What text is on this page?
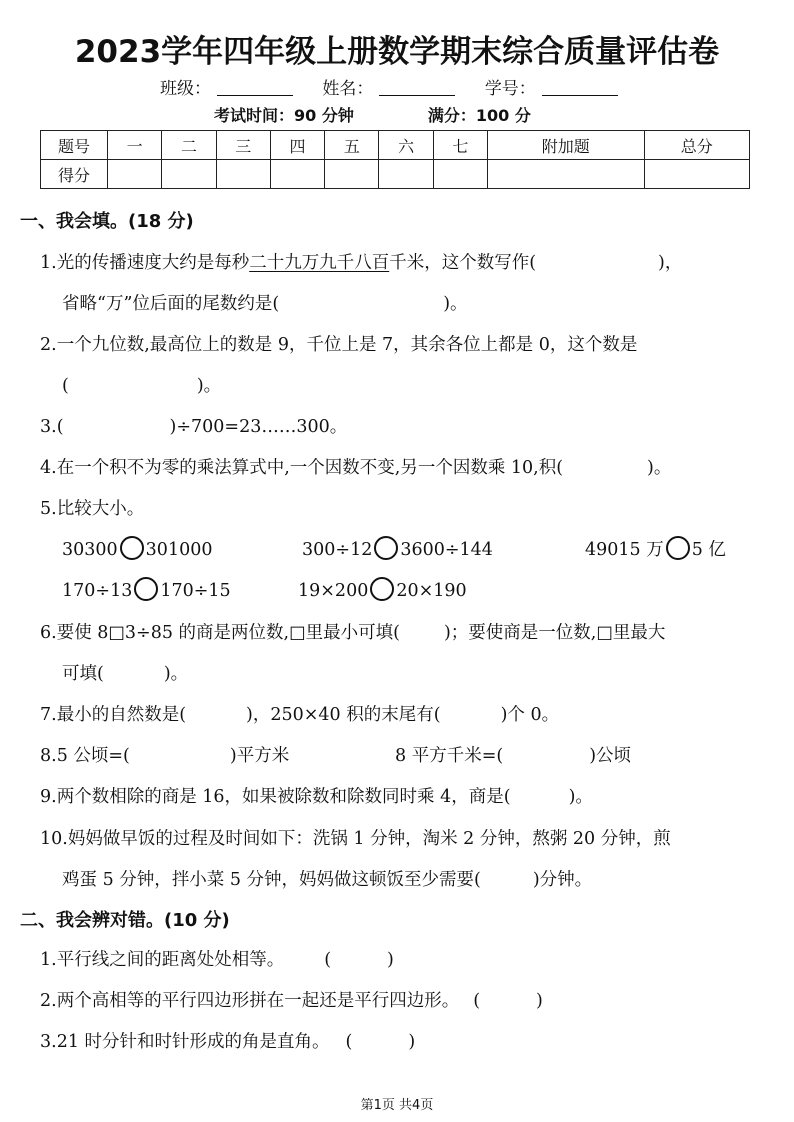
2023学年四年级上册数学期末综合质量评估卷
班级：	姓名：	学号：
考试时间：90 分钟	满分：100 分
题号	一	二	三	四	五	六	七	附加题	总分
得分									
一、我会填。(18 分)
1.光的传播速度大约是每秒二十九万九千八百千米，这个数写作(	)，
省略“万”位后面的尾数约是(	)。
2.一个九位数,最高位上的数是 9，千位上是 7，其余各位上都是 0，这个数是
(	)。
3.(	)÷700=23……300。
4.在一个积不为零的乘法算式中,一个因数不变,另一个因数乘 10,积(	)。
5.比较大小。
30300 301000	300÷12 3600÷144	49015 万 5 亿
170÷13 170÷15	19×200 20×190
6.要使 8□3÷85 的商是两位数,□里最小可填(	)；要使商是一位数,□里最大
可填(	)。
7.最小的自然数是(	)，250×40 积的末尾有(	)个 0。
8.5 公顷=(	)平方米	8 平方千米=(	)公顷
9.两个数相除的商是 16，如果被除数和除数同时乘 4，商是(	)。
10.妈妈做早饭的过程及时间如下：洗锅 1 分钟，淘米 2 分钟，熬粥 20 分钟，煎
鸡蛋 5 分钟，拌小菜 5 分钟，妈妈做这顿饭至少需要(	)分钟。
二、我会辨对错。(10 分)
1.平行线之间的距离处处相等。 (	)
2.两个高相等的平行四边形拼在一起还是平行四边形。 (	)
3.21 时分针和时针形成的角是直角。 (	)
第1页 共4页
